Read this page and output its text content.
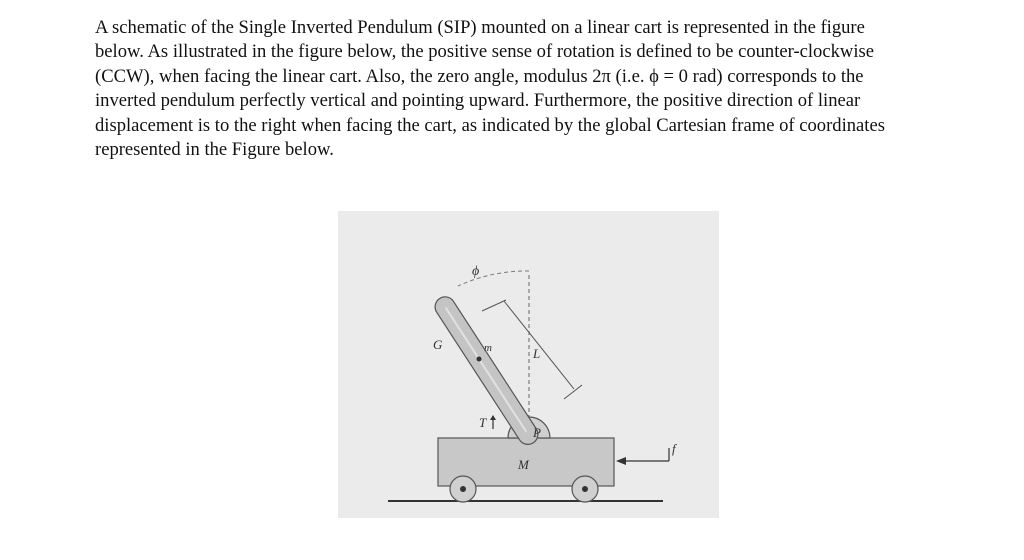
A schematic of the Single Inverted Pendulum (SIP) mounted on a linear cart is represented in the figure
below. As illustrated in the figure below, the positive sense of rotation is defined to be counter-clockwise
(CCW), when facing the linear cart. Also, the zero angle, modulus 2π (i.e. ϕ = 0 rad) corresponds to the
inverted pendulum perfectly vertical and pointing upward. Furthermore, the positive direction of linear
displacement is to the right when facing the cart, as indicated by the global Cartesian frame of coordinates
represented in the Figure below.
ϕ
G	m	L
T
P
M
f
